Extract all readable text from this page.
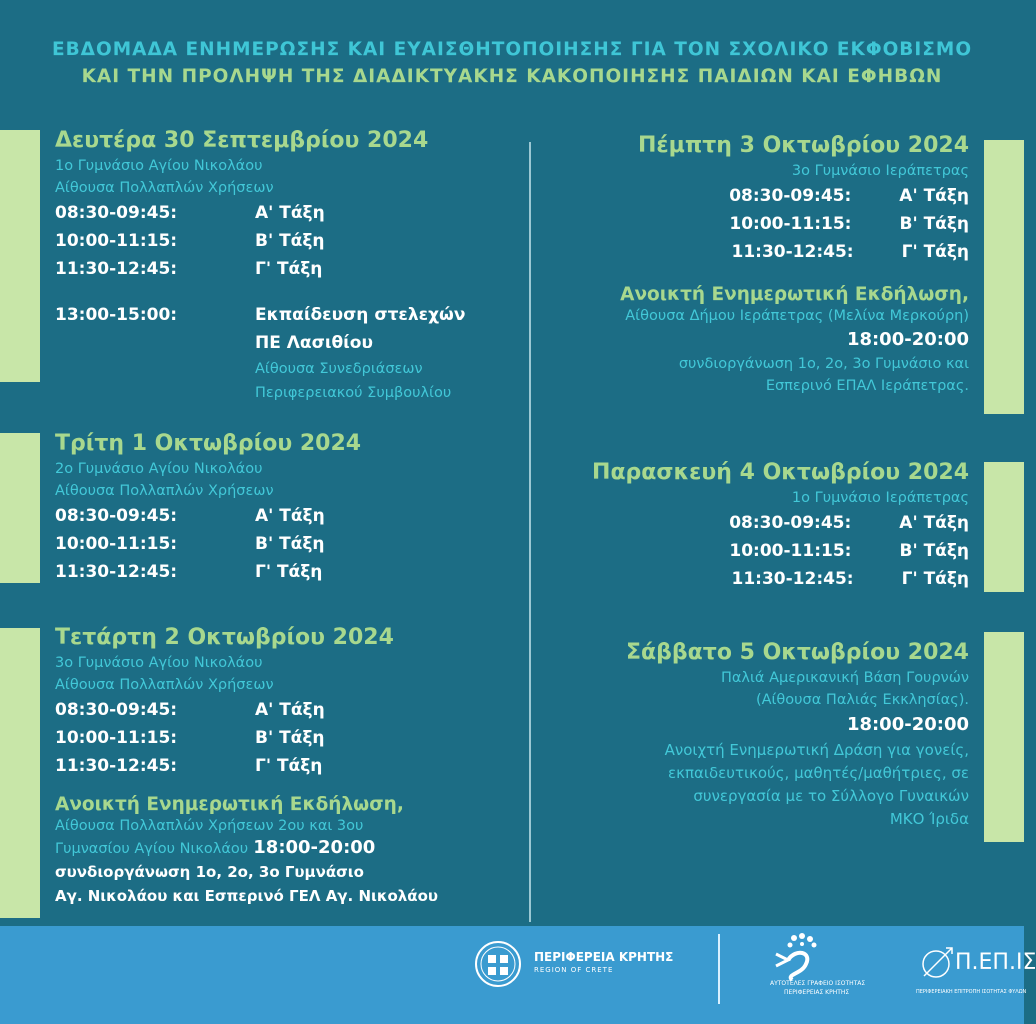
ΕΒΔΟΜΑΔΑ ΕΝΗΜΕΡΩΣΗΣ ΚΑΙ ΕΥΑΙΣΘΗΤΟΠΟΙΗΣΗΣ ΓΙΑ ΤΟΝ ΣΧΟΛΙΚΟ ΕΚΦΟΒΙΣΜΟ
ΚΑΙ ΤΗΝ ΠΡΟΛΗΨΗ ΤΗΣ ΔΙΑΔΙΚΤΥΑΚΗΣ ΚΑΚΟΠΟΙΗΣΗΣ ΠΑΙΔΙΩΝ ΚΑΙ ΕΦΗΒΩΝ
Δευτέρα 30 Σεπτεμβρίου 2024
1ο Γυμνάσιο Αγίου Νικολάου
Αίθουσα Πολλαπλών Χρήσεων
08:30-09:45:	Α' Τάξη
10:00-11:15:	Β' Τάξη
11:30-12:45:	Γ' Τάξη
13:00-15:00:	Εκπαίδευση στελεχών
ΠΕ Λασιθίου
Αίθουσα Συνεδριάσεων
Περιφερειακού Συμβουλίου
Τρίτη 1 Οκτωβρίου 2024
2ο Γυμνάσιο Αγίου Νικολάου
Αίθουσα Πολλαπλών Χρήσεων
08:30-09:45:	Α' Τάξη
10:00-11:15:	Β' Τάξη
11:30-12:45:	Γ' Τάξη
Τετάρτη 2 Οκτωβρίου 2024
3ο Γυμνάσιο Αγίου Νικολάου
Αίθουσα Πολλαπλών Χρήσεων
08:30-09:45:	Α' Τάξη
10:00-11:15:	Β' Τάξη
11:30-12:45:	Γ' Τάξη
Ανοικτή Ενημερωτική Εκδήλωση,
Αίθουσα Πολλαπλών Χρήσεων 2ου και 3ου
Γυμνασίου Αγίου Νικολάου 18:00-20:00
συνδιοργάνωση 1ο, 2ο, 3ο Γυμνάσιο
Αγ. Νικολάου και Εσπερινό ΓΕΛ Αγ. Νικολάου
Πέμπτη 3 Οκτωβρίου 2024
3ο Γυμνάσιο Ιεράπετρας
08:30-09:45:	Α' Τάξη
10:00-11:15:	Β' Τάξη
11:30-12:45:	Γ' Τάξη
Ανοικτή Ενημερωτική Εκδήλωση,
Αίθουσα Δήμου Ιεράπετρας (Μελίνα Μερκούρη)
18:00-20:00
συνδιοργάνωση 1ο, 2ο, 3ο Γυμνάσιο και
Εσπερινό ΕΠΑΛ Ιεράπετρας.
Παρασκευή 4 Οκτωβρίου 2024
1ο Γυμνάσιο Ιεράπετρας
08:30-09:45:	Α' Τάξη
10:00-11:15:	Β' Τάξη
11:30-12:45:	Γ' Τάξη
Σάββατο 5 Οκτωβρίου 2024
Παλιά Αμερικανική Βάση Γουρνών
(Αίθουσα Παλιάς Εκκλησίας).
18:00-20:00
Ανοιχτή Ενημερωτική Δράση για γονείς,
εκπαιδευτικούς, μαθητές/μαθήτριες, σε
συνεργασία με το Σύλλογο Γυναικών
ΜΚΟ Ίριδα
ΠΕΡΙΦΕΡΕΙΑ ΚΡΗΤΗΣ
REGION OF CRETE
ΑΥΤΟΤΕΛΕΣ ΓΡΑΦΕΙΟ ΙΣΟΤΗΤΑΣ
ΠΕΡΙΦΕΡΕΙΑΣ ΚΡΗΤΗΣ
Π.ΕΠ.ΙΣ
ΠΕΡΙΦΕΡΕΙΑΚΗ ΕΠΙΤΡΟΠΗ ΙΣΟΤΗΤΑΣ ΦΥΛΩΝ
